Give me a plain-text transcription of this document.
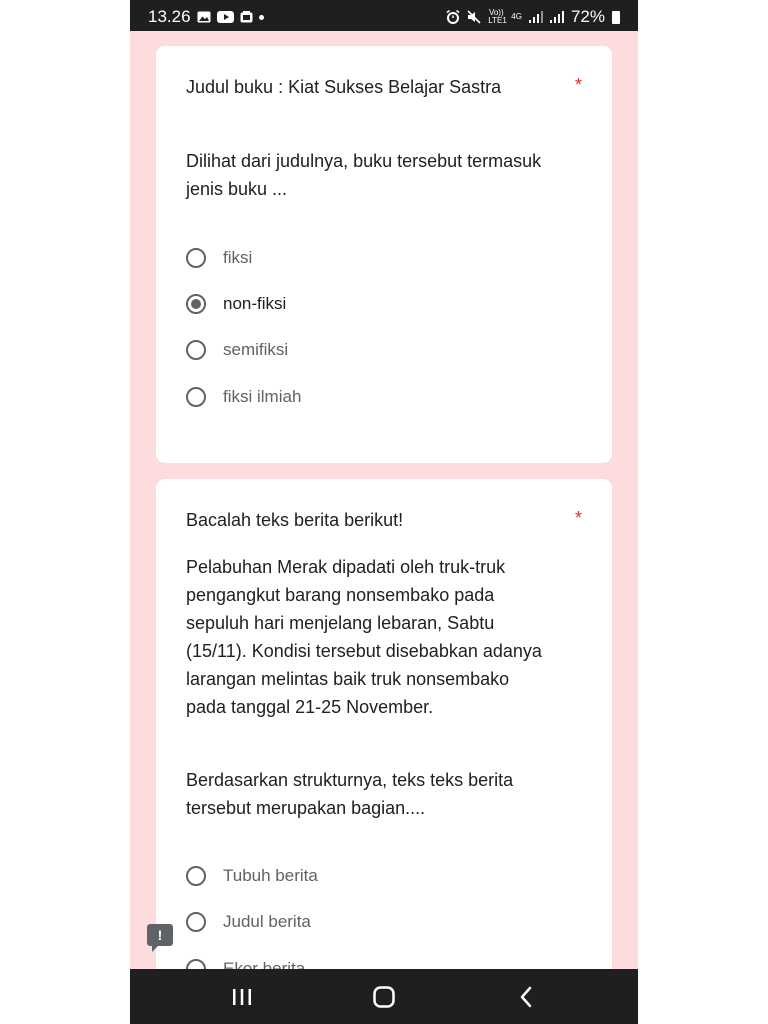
13.26	Vo)) LTE1 4G	72%
Judul buku : Kiat Sukses Belajar Sastra	*
Dilihat dari judulnya, buku tersebut termasuk jenis buku ...
fiksi
non-fiksi
semifiksi
fiksi ilmiah
Bacalah teks berita berikut!	*
Pelabuhan Merak dipadati oleh truk-truk pengangkut barang nonsembako pada sepuluh hari menjelang lebaran, Sabtu (15/11). Kondisi tersebut disebabkan adanya larangan melintas baik truk nonsembako pada tanggal 21-25 November.
Berdasarkan strukturnya, teks teks berita tersebut merupakan bagian....
Tubuh berita
Judul berita
!
